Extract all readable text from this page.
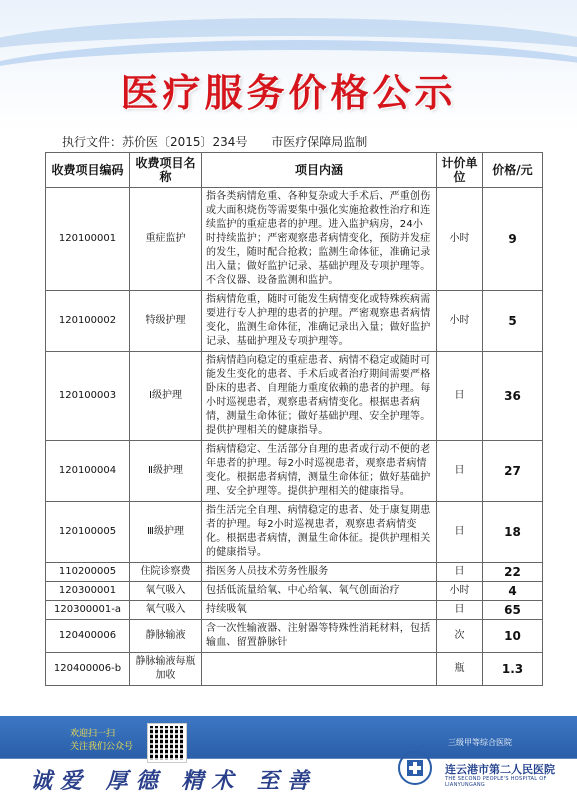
医疗服务价格公示
执行文件：苏价医〔2015〕234号 市医疗保障局监制
收费项目编码	收费项目名称	项目内涵	计价单位	价格/元
120100001	重症监护	指各类病情危重、各种复杂或大手术后、严重创伤或大面积烧伤等需要集中强化实施抢救性治疗和连续监护的重症患者的护理。进入监护病房，24小时持续监护；严密观察患者病情变化，预防并发症的发生，随时配合抢救；监测生命体征，准确记录出入量；做好监护记录、基础护理及专项护理等。不含仪器、设备监测和监护。	小时	9
120100002	特级护理	指病情危重，随时可能发生病情变化或特殊疾病需要进行专人护理的患者的护理。严密观察患者病情变化，监测生命体征，准确记录出入量；做好监护记录、基础护理及专项护理等。	小时	5
120100003	Ⅰ级护理	指病情趋向稳定的重症患者、病情不稳定或随时可能发生变化的患者、手术后或者治疗期间需要严格卧床的患者、自理能力重度依赖的患者的护理。每小时巡视患者，观察患者病情变化。根据患者病情，测量生命体征；做好基础护理、安全护理等。提供护理相关的健康指导。	日	36
120100004	Ⅱ级护理	指病情稳定、生活部分自理的患者或行动不便的老年患者的护理。每2小时巡视患者，观察患者病情变化。根据患者病情，测量生命体征；做好基础护理、安全护理等。提供护理相关的健康指导。	日	27
120100005	Ⅲ级护理	指生活完全自理、病情稳定的患者、处于康复期患者的护理。每2小时巡视患者，观察患者病情变化。根据患者病情，测量生命体征。提供护理相关的健康指导。	日	18
110200005	住院诊察费	指医务人员技术劳务性服务	日	22
120300001	氧气吸入	包括低流量给氧、中心给氧、氧气创面治疗	小时	4
120300001-a	氧气吸入	持续吸氧	日	65
120400006	静脉输液	含一次性输液器、注射器等特殊性消耗材料，包括输血、留置静脉针	次	10
120400006-b	静脉输液每瓶加收		瓶	1.3
欢迎扫一扫
关注我们公众号
诚爱 厚德 精术 至善
三级甲等综合医院
连云港市第二人民医院
THE SECOND PEOPLE'S HOSPITAL OF LIANYUNGANG
